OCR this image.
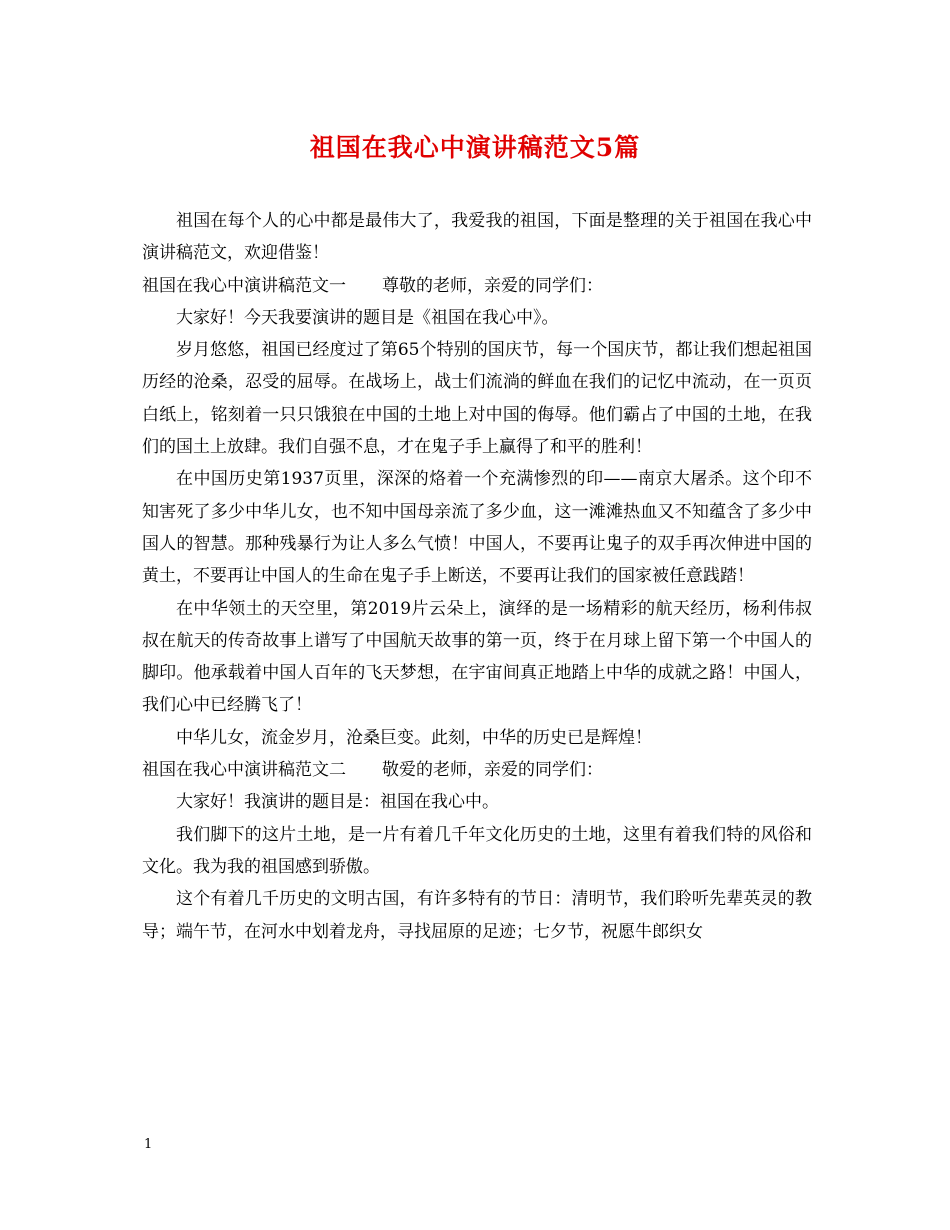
祖国在我心中演讲稿范文5篇

祖国在每个人的心中都是最伟大了，我爱我的祖国，下面是整理的关于祖国在我心中演讲稿范文，欢迎借鉴！

祖国在我心中演讲稿范文一 尊敬的老师，亲爱的同学们：

大家好！今天我要演讲的题目是《祖国在我心中》。

岁月悠悠，祖国已经度过了第65个特别的国庆节，每一个国庆节，都让我们想起祖国历经的沧桑，忍受的屈辱。在战场上，战士们流淌的鲜血在我们的记忆中流动，在一页页白纸上，铭刻着一只只饿狼在中国的土地上对中国的侮辱。他们霸占了中国的土地，在我们的国土上放肆。我们自强不息，才在鬼子手上赢得了和平的胜利！

在中国历史第1937页里，深深的烙着一个充满惨烈的印——南京大屠杀。这个印不知害死了多少中华儿女，也不知中国母亲流了多少血，这一滩滩热血又不知蕴含了多少中国人的智慧。那种残暴行为让人多么气愤！中国人，不要再让鬼子的双手再次伸进中国的黄土，不要再让中国人的生命在鬼子手上断送，不要再让我们的国家被任意践踏！

在中华领土的天空里，第2019片云朵上，演绎的是一场精彩的航天经历，杨利伟叔叔在航天的传奇故事上谱写了中国航天故事的第一页，终于在月球上留下第一个中国人的脚印。他承载着中国人百年的飞天梦想，在宇宙间真正地踏上中华的成就之路！中国人，我们心中已经腾飞了！

中华儿女，流金岁月，沧桑巨变。此刻，中华的历史已是辉煌！

祖国在我心中演讲稿范文二 敬爱的老师，亲爱的同学们：

大家好！我演讲的题目是：祖国在我心中。

我们脚下的这片土地，是一片有着几千年文化历史的土地，这里有着我们特的风俗和文化。我为我的祖国感到骄傲。

这个有着几千历史的文明古国，有许多特有的节日：清明节，我们聆听先辈英灵的教导；端午节，在河水中划着龙舟，寻找屈原的足迹；七夕节，祝愿牛郎织女

1
